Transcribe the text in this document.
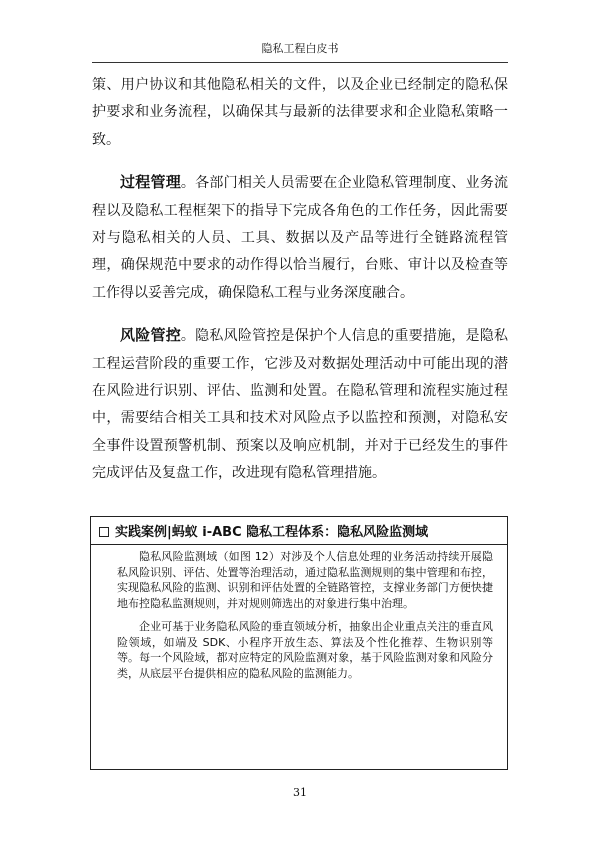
隐私工程白皮书

策、用户协议和其他隐私相关的文件，以及企业已经制定的隐私保护要求和业务流程，以确保其与最新的法律要求和企业隐私策略一致。

过程管理。各部门相关人员需要在企业隐私管理制度、业务流程以及隐私工程框架下的指导下完成各角色的工作任务，因此需要对与隐私相关的人员、工具、数据以及产品等进行全链路流程管理，确保规范中要求的动作得以恰当履行，台账、审计以及检查等工作得以妥善完成，确保隐私工程与业务深度融合。

风险管控。隐私风险管控是保护个人信息的重要措施，是隐私工程运营阶段的重要工作，它涉及对数据处理活动中可能出现的潜在风险进行识别、评估、监测和处置。在隐私管理和流程实施过程中，需要结合相关工具和技术对风险点予以监控和预测，对隐私安全事件设置预警机制、预案以及响应机制，并对于已经发生的事件完成评估及复盘工作，改进现有隐私管理措施。

实践案例|蚂蚁 i-ABC 隐私工程体系：隐私风险监测域

隐私风险监测域（如图 12）对涉及个人信息处理的业务活动持续开展隐私风险识别、评估、处置等治理活动，通过隐私监测规则的集中管理和布控，实现隐私风险的监测、识别和评估处置的全链路管控，支撑业务部门方便快捷地布控隐私监测规则，并对规则筛选出的对象进行集中治理。

企业可基于业务隐私风险的垂直领域分析，抽象出企业重点关注的垂直风险领域，如端及 SDK、小程序开放生态、算法及个性化推荐、生物识别等等。每一个风险域，都对应特定的风险监测对象，基于风险监测对象和风险分类，从底层平台提供相应的隐私风险的监测能力。

31
